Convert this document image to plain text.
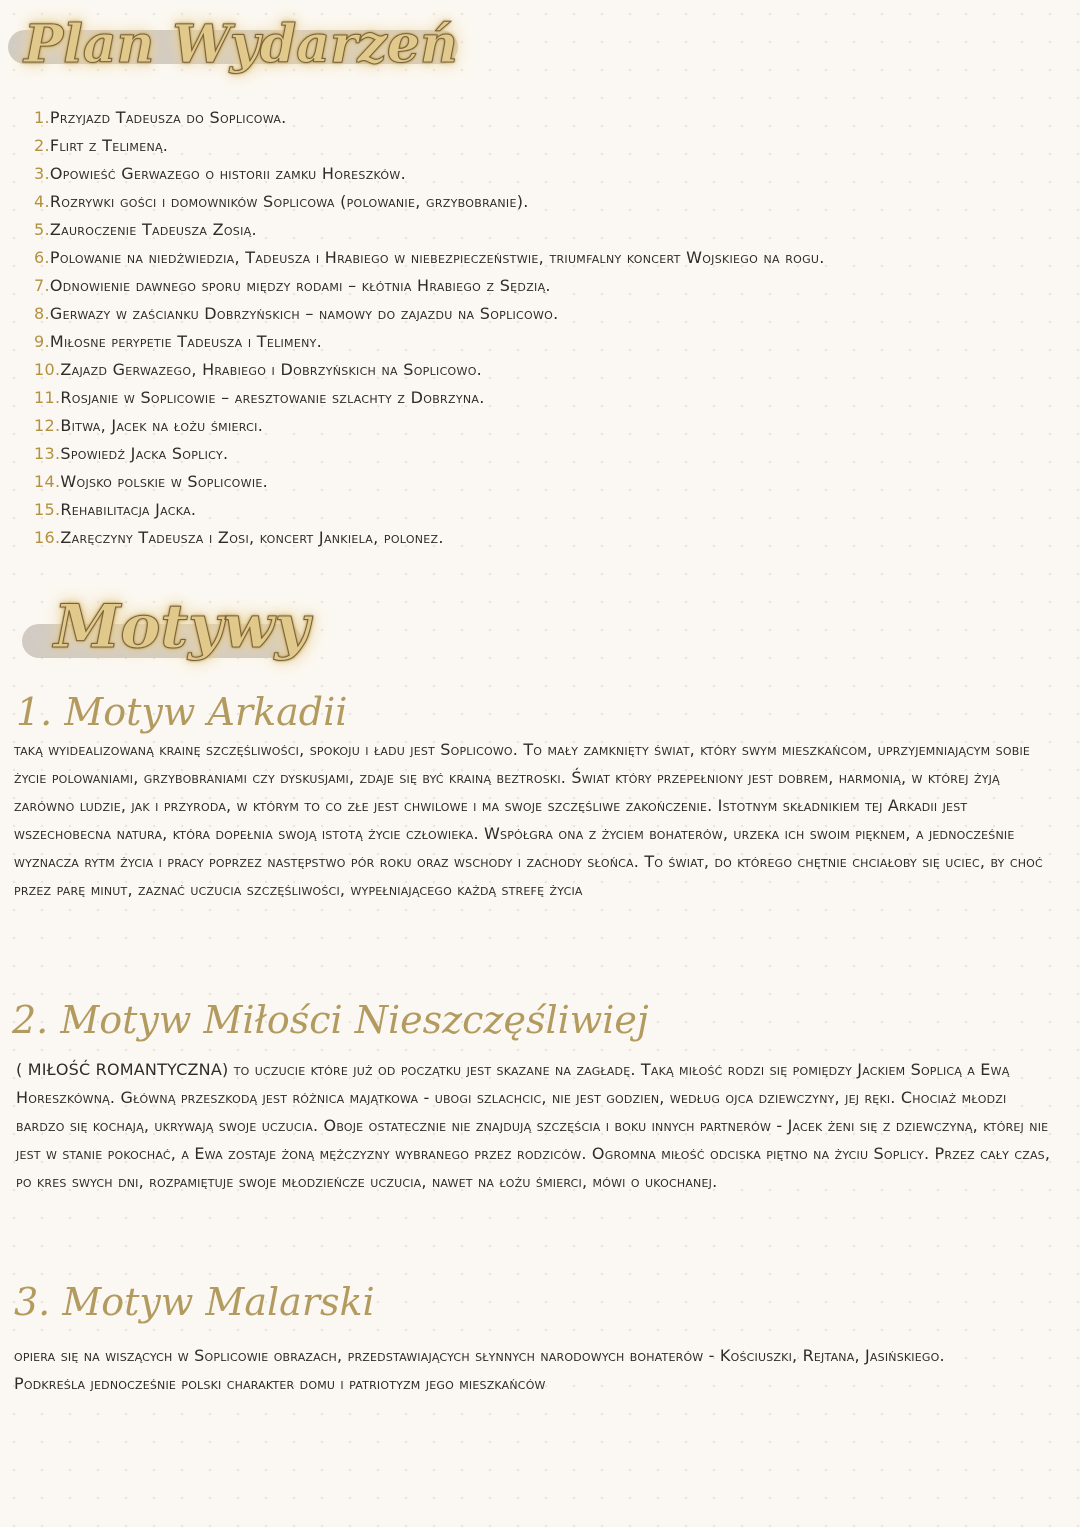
Plan Wydarzeń
1.Przyjazd Tadeusza do Soplicowa.
2.Flirt z Telimeną.
3.Opowieść Gerwazego o historii zamku Horeszków.
4.Rozrywki gości i domowników Soplicowa (polowanie, grzybobranie).
5.Zauroczenie Tadeusza Zosią.
6.Polowanie na niedźwiedzia, Tadeusza i Hrabiego w niebezpieczeństwie, triumfalny koncert Wojskiego na rogu.
7.Odnowienie dawnego sporu między rodami – kłótnia Hrabiego z Sędzią.
8.Gerwazy w zaścianku Dobrzyńskich – namowy do zajazdu na Soplicowo.
9.Miłosne perypetie Tadeusza i Telimeny.
10.Zajazd Gerwazego, Hrabiego i Dobrzyńskich na Soplicowo.
11.Rosjanie w Soplicowie – aresztowanie szlachty z Dobrzyna.
12.Bitwa, Jacek na łożu śmierci.
13.Spowiedź Jacka Soplicy.
14.Wojsko polskie w Soplicowie.
15.Rehabilitacja Jacka.
16.Zaręczyny Tadeusza i Zosi, koncert Jankiela, polonez.
Motywy
1. Motyw Arkadii

taką wyidealizowaną krainę szczęśliwości, spokoju i ładu jest Soplicowo. To mały zamknięty świat, który swym mieszkańcom, uprzyjemniającym sobie życie polowaniami, grzybobraniami czy dyskusjami, zdaje się być krainą beztroski. Świat który przepełniony jest dobrem, harmonią, w której żyją zarówno ludzie, jak i przyroda, w którym to co złe jest chwilowe i ma swoje szczęśliwe zakończenie. Istotnym składnikiem tej Arkadii jest wszechobecna natura, która dopełnia swoją istotą życie człowieka. Współgra ona z życiem bohaterów, urzeka ich swoim pięknem, a jednocześnie wyznacza rytm życia i pracy poprzez następstwo pór roku oraz wschody i zachody słońca. To świat, do którego chętnie chciałoby się uciec, by choć przez parę minut, zaznać uczucia szczęśliwości, wypełniającego każdą strefę życia

2. Motyw Miłości Nieszczęśliwiej

( MIŁOŚĆ ROMANTYCZNA) to uczucie które już od początku jest skazane na zagładę. Taką miłość rodzi się pomiędzy Jackiem Soplicą a Ewą Horeszkówną. Główną przeszkodą jest różnica majątkowa - ubogi szlachcic, nie jest godzien, według ojca dziewczyny, jej ręki. Chociaż młodzi bardzo się kochają, ukrywają swoje uczucia. Oboje ostatecznie nie znajdują szczęścia i boku innych partnerów - Jacek żeni się z dziewczyną, której nie jest w stanie pokochać, a Ewa zostaje żoną mężczyzny wybranego przez rodziców. Ogromna miłość odciska piętno na życiu Soplicy. Przez cały czas, po kres swych dni, rozpamiętuje swoje młodzieńcze uczucia, nawet na łożu śmierci, mówi o ukochanej.

3. Motyw Malarski

opiera się na wiszących w Soplicowie obrazach, przedstawiających słynnych narodowych bohaterów - Kościuszki, Rejtana, Jasińskiego. Podkreśla jednocześnie polski charakter domu i patriotyzm jego mieszkańców
